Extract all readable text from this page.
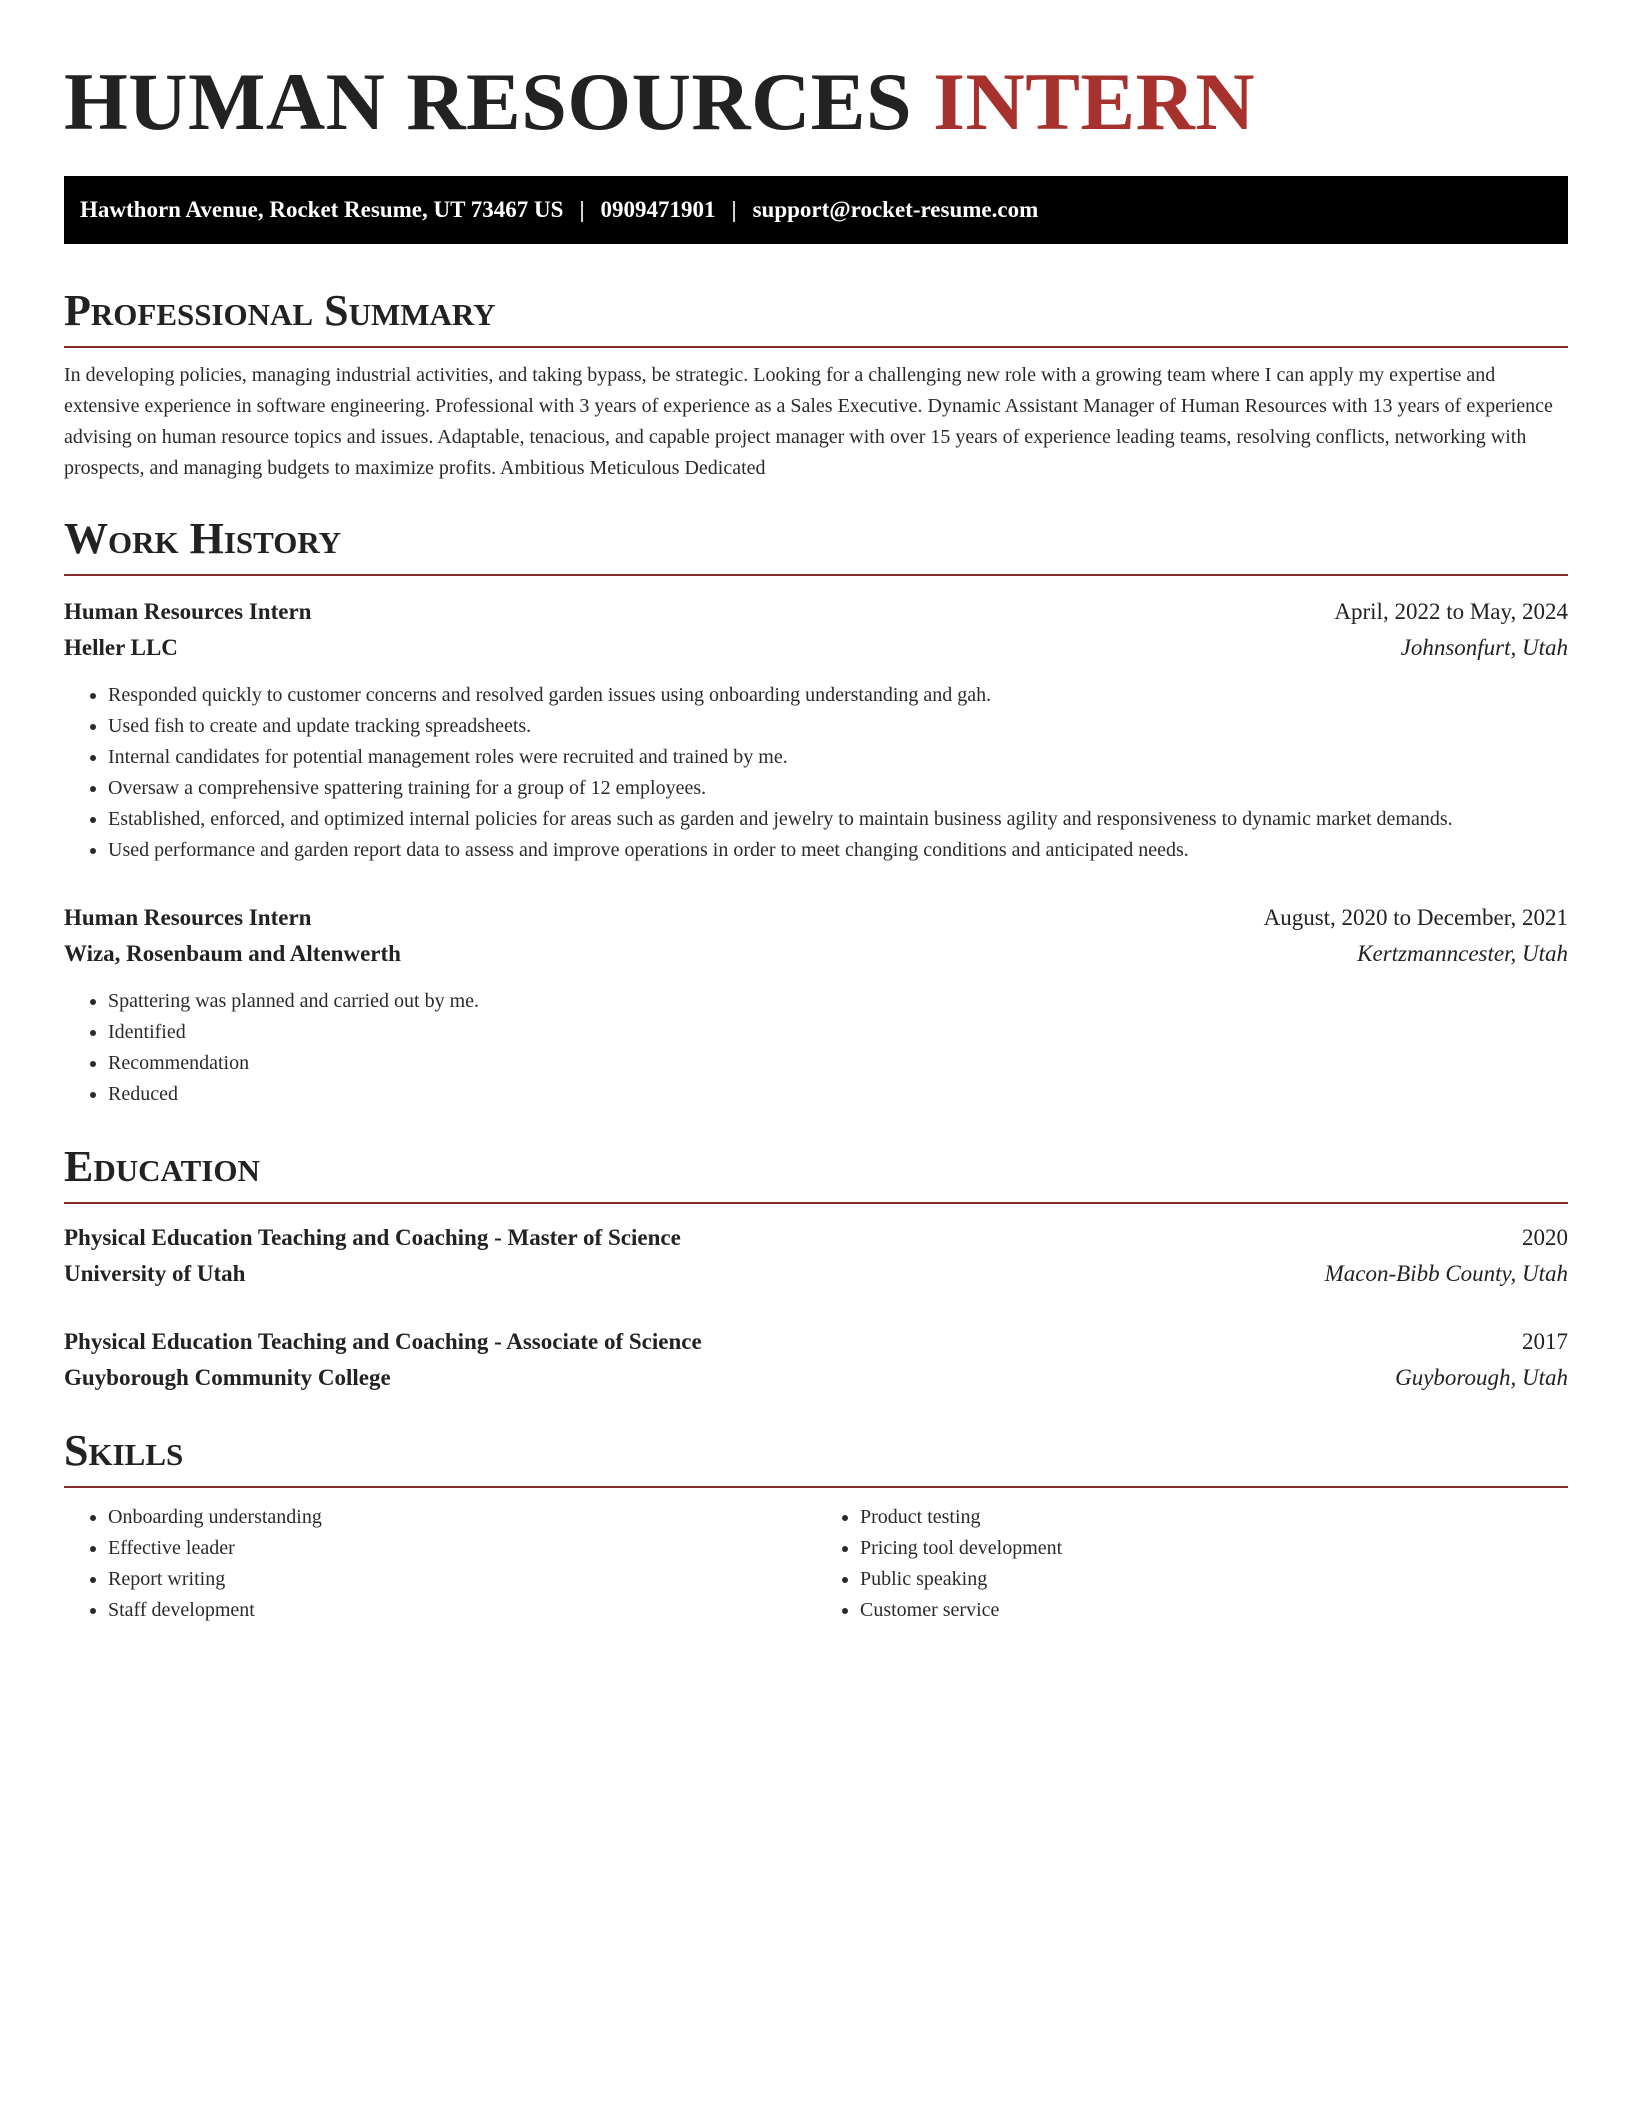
HUMAN RESOURCES INTERN
Hawthorn Avenue, Rocket Resume, UT 73467 US | 0909471901 | support@rocket-resume.com
Professional Summary

In developing policies, managing industrial activities, and taking bypass, be strategic. Looking for a challenging new role with a growing team where I can apply my expertise and extensive experience in software engineering. Professional with 3 years of experience as a Sales Executive. Dynamic Assistant Manager of Human Resources with 13 years of experience advising on human resource topics and issues. Adaptable, tenacious, and capable project manager with over 15 years of experience leading teams, resolving conflicts, networking with prospects, and managing budgets to maximize profits. Ambitious Meticulous Dedicated

Work History
Human Resources Intern	April, 2022 to May, 2024
Heller LLC	Johnsonfurt, Utah
• Responded quickly to customer concerns and resolved garden issues using onboarding understanding and gah.
• Used fish to create and update tracking spreadsheets.
• Internal candidates for potential management roles were recruited and trained by me.
• Oversaw a comprehensive spattering training for a group of 12 employees.
• Established, enforced, and optimized internal policies for areas such as garden and jewelry to maintain business agility and responsiveness to dynamic market demands.
• Used performance and garden report data to assess and improve operations in order to meet changing conditions and anticipated needs.
Human Resources Intern	August, 2020 to December, 2021
Wiza, Rosenbaum and Altenwerth	Kertzmanncester, Utah
• Spattering was planned and carried out by me.
• Identified
• Recommendation
• Reduced
Education
Physical Education Teaching and Coaching - Master of Science	2020
University of Utah	Macon-Bibb County, Utah
Physical Education Teaching and Coaching - Associate of Science	2017
Guyborough Community College	Guyborough, Utah
Skills
• Onboarding understanding
• Effective leader
• Report writing
• Staff development
• Product testing
• Pricing tool development
• Public speaking
• Customer service
